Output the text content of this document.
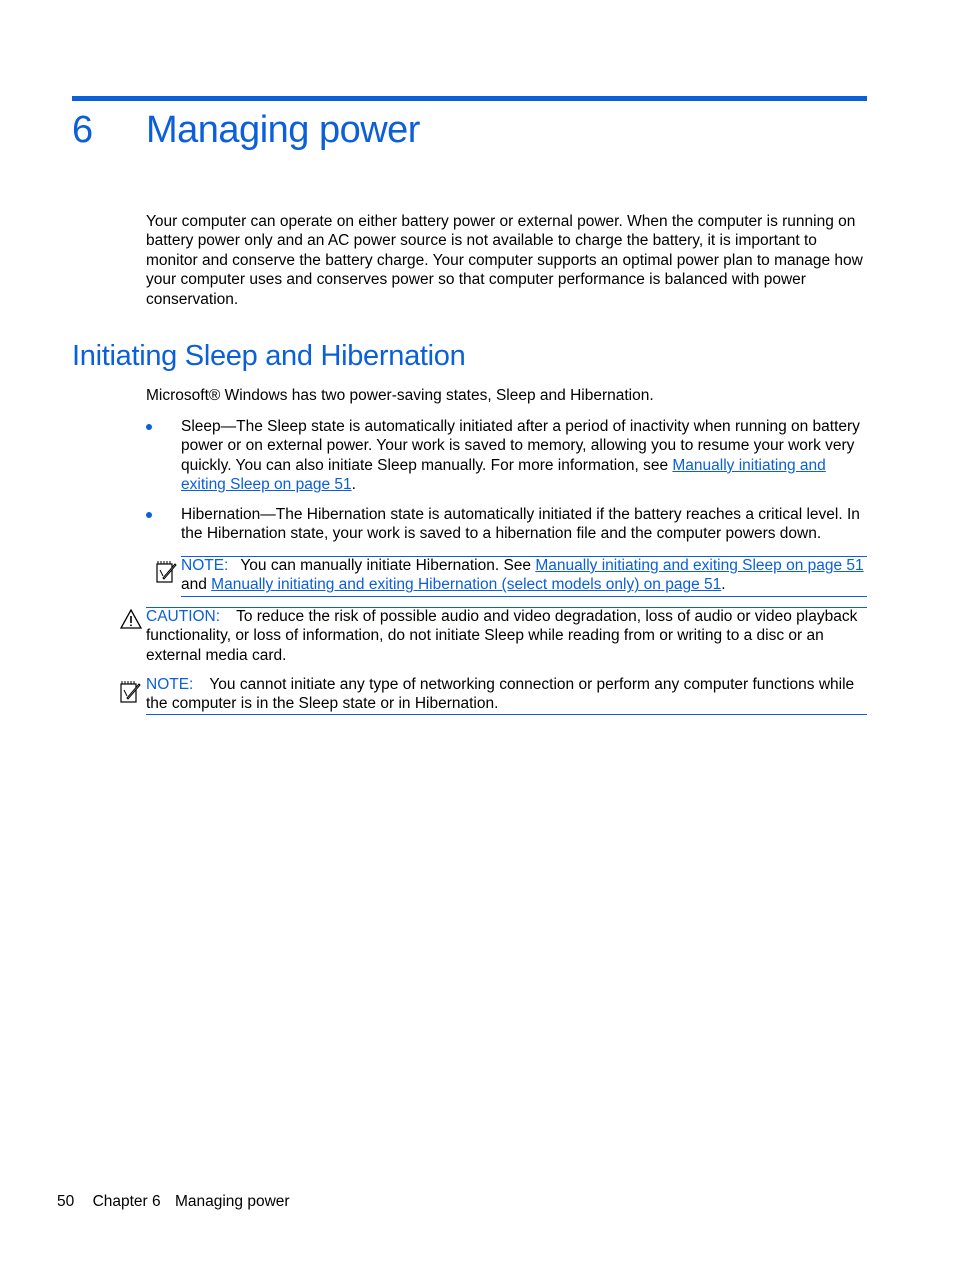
6 Managing power

Your computer can operate on either battery power or external power. When the computer is running on battery power only and an AC power source is not available to charge the battery, it is important to monitor and conserve the battery charge. Your computer supports an optimal power plan to manage how your computer uses and conserves power so that computer performance is balanced with power conservation.

Initiating Sleep and Hibernation

Microsoft® Windows has two power-saving states, Sleep and Hibernation.

Sleep—The Sleep state is automatically initiated after a period of inactivity when running on battery power or on external power. Your work is saved to memory, allowing you to resume your work very quickly. You can also initiate Sleep manually. For more information, see Manually initiating and exiting Sleep on page 51.

Hibernation—The Hibernation state is automatically initiated if the battery reaches a critical level. In the Hibernation state, your work is saved to a hibernation file and the computer powers down.

NOTE: You can manually initiate Hibernation. See Manually initiating and exiting Sleep on page 51 and Manually initiating and exiting Hibernation (select models only) on page 51.

CAUTION: To reduce the risk of possible audio and video degradation, loss of audio or video playback functionality, or loss of information, do not initiate Sleep while reading from or writing to a disc or an external media card.

NOTE: You cannot initiate any type of networking connection or perform any computer functions while the computer is in the Sleep state or in Hibernation.

50 Chapter 6 Managing power
